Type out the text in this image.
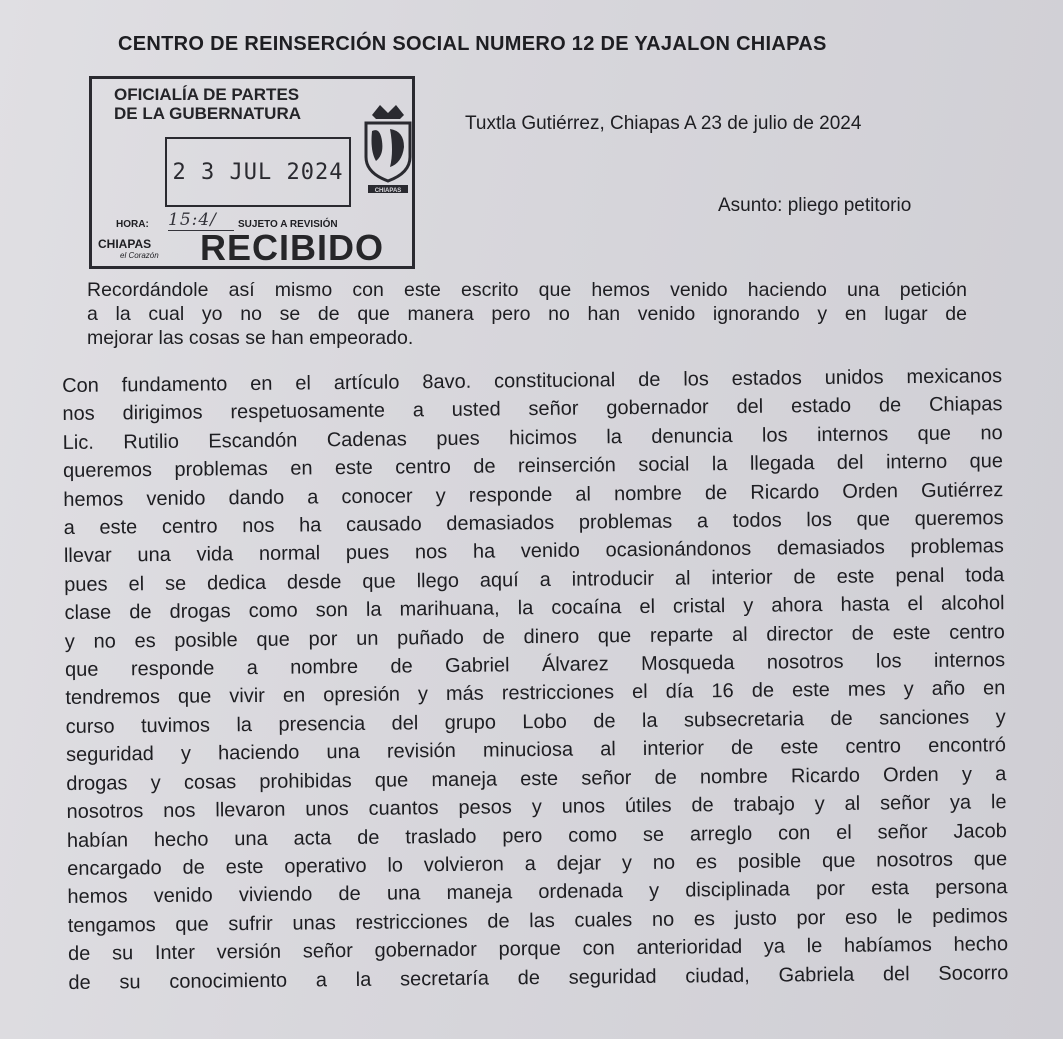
CENTRO DE REINSERCIÓN SOCIAL NUMERO 12 DE YAJALON CHIAPAS
OFICIALÍA DE PARTES
DE LA GUBERNATURA
2 3 JUL 2024
CHIAPAS
HORA: 15:4/	SUJETO A REVISIÓN
CHIAPAS
el Corazón RECIBIDO
Tuxtla Gutiérrez, Chiapas A 23 de julio de 2024
Asunto: pliego petitorio
Recordándole así mismo con este escrito que hemos venido haciendo una petición
a la cual yo no se de que manera pero no han venido ignorando y en lugar de
mejorar las cosas se han empeorado.
Con fundamento en el artículo 8avo. constitucional de los estados unidos mexicanos
nos dirigimos respetuosamente a usted señor gobernador del estado de Chiapas
Lic. Rutilio Escandón Cadenas pues hicimos la denuncia los internos que no
queremos problemas en este centro de reinserción social la llegada del interno que
hemos venido dando a conocer y responde al nombre de Ricardo Orden Gutiérrez
a este centro nos ha causado demasiados problemas a todos los que queremos
llevar una vida normal pues nos ha venido ocasionándonos demasiados problemas
pues el se dedica desde que llego aquí a introducir al interior de este penal toda
clase de drogas como son la marihuana, la cocaína el cristal y ahora hasta el alcohol
y no es posible que por un puñado de dinero que reparte al director de este centro
que responde a nombre de Gabriel Álvarez Mosqueda nosotros los internos
tendremos que vivir en opresión y más restricciones el día 16 de este mes y año en
curso tuvimos la presencia del grupo Lobo de la subsecretaria de sanciones y
seguridad y haciendo una revisión minuciosa al interior de este centro encontró
drogas y cosas prohibidas que maneja este señor de nombre Ricardo Orden y a
nosotros nos llevaron unos cuantos pesos y unos útiles de trabajo y al señor ya le
habían hecho una acta de traslado pero como se arreglo con el señor Jacob
encargado de este operativo lo volvieron a dejar y no es posible que nosotros que
hemos venido viviendo de una maneja ordenada y disciplinada por esta persona
tengamos que sufrir unas restricciones de las cuales no es justo por eso le pedimos
de su Inter versión señor gobernador porque con anterioridad ya le habíamos hecho
de su conocimiento a la secretaría de seguridad ciudad, Gabriela del Socorro
